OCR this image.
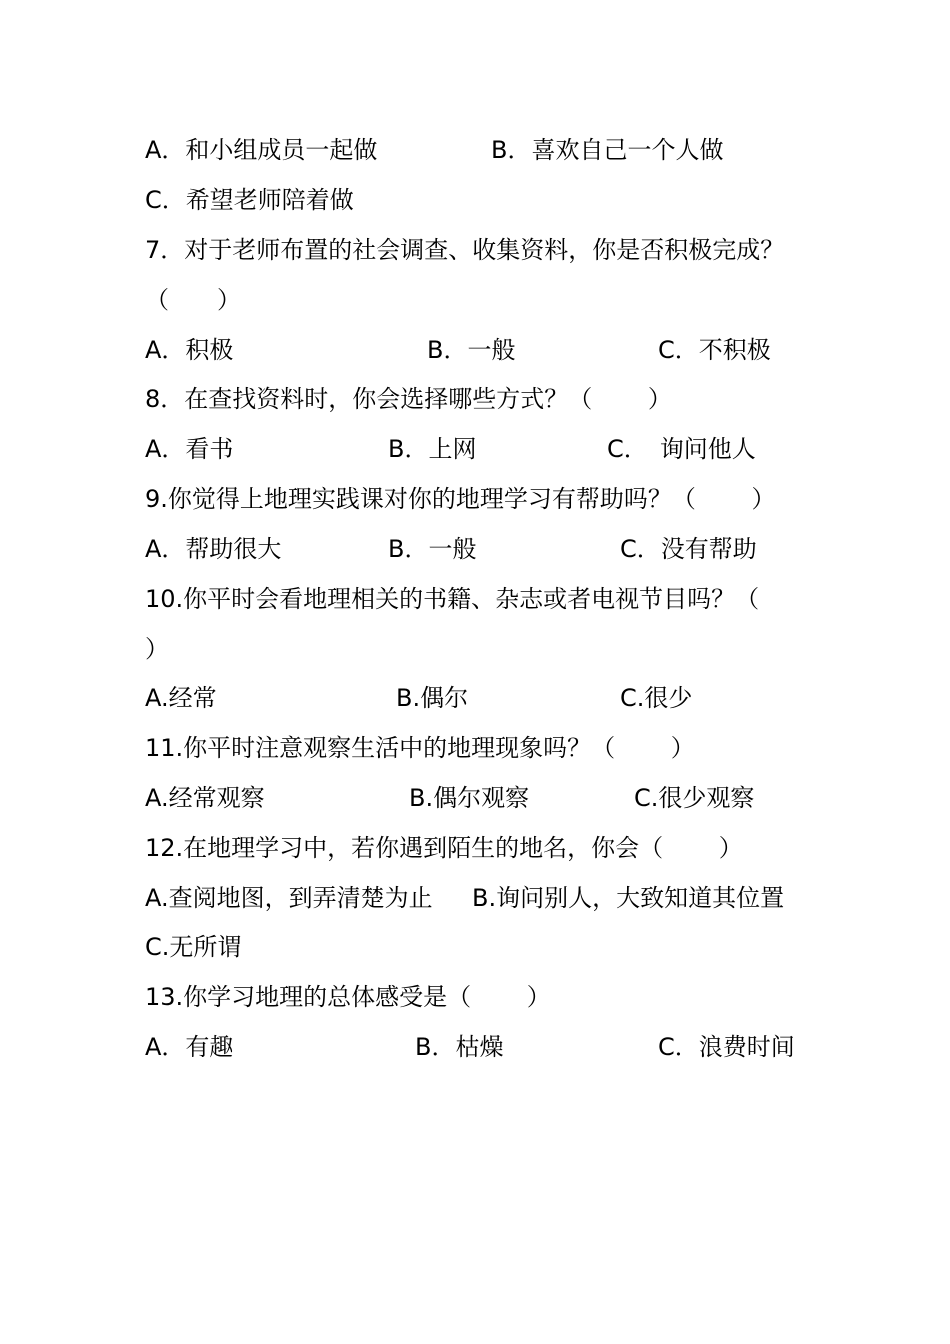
A．和小组成员一起做	B．喜欢自己一个人做
C．希望老师陪着做
7．对于老师布置的社会调查、收集资料，你是否积极完成？
（　　）
A．积极	B．一般	C．不积极
8．在查找资料时，你会选择哪些方式？（　　 ）
A．看书	B．上网	C．　询问他人
9.你觉得上地理实践课对你的地理学习有帮助吗？（　　 ）
A．帮助很大	B．一般	C．没有帮助
10.你平时会看地理相关的书籍、杂志或者电视节目吗？（
）
A.经常	B.偶尔	C.很少
11.你平时注意观察生活中的地理现象吗？（　　 ）
A.经常观察	B.偶尔观察	C.很少观察
12.在地理学习中，若你遇到陌生的地名，你会（　　 ）
A.查阅地图，到弄清楚为止 B.询问别人，大致知道其位置
C.无所谓
13.你学习地理的总体感受是（　　 ）
A．有趣	B．枯燥	C．浪费时间
